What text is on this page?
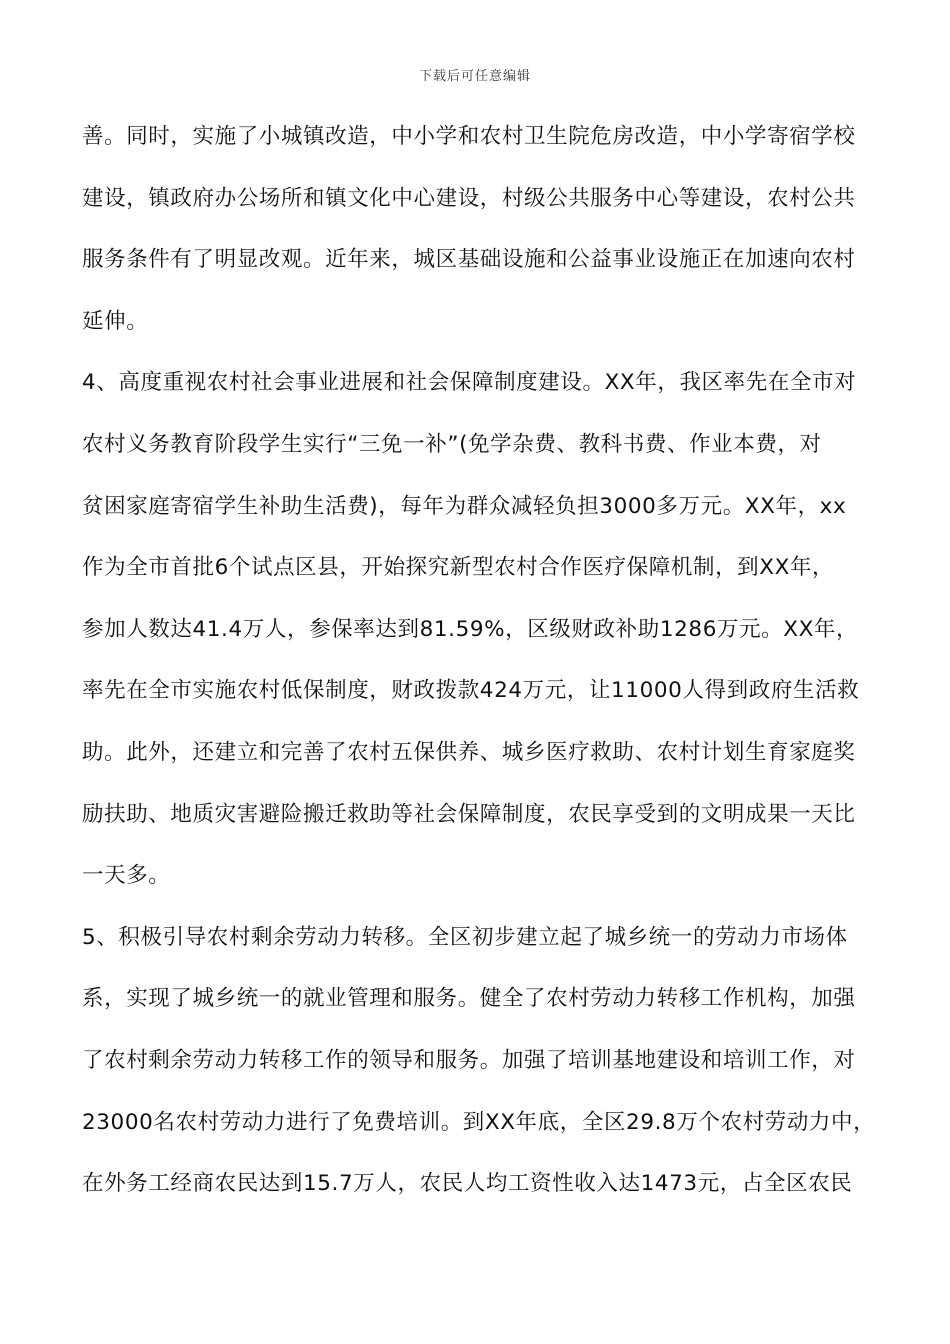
下载后可任意编辑
善。同时，实施了小城镇改造，中小学和农村卫生院危房改造，中小学寄宿学校
建设，镇政府办公场所和镇文化中心建设，村级公共服务中心等建设，农村公共
服务条件有了明显改观。近年来，城区基础设施和公益事业设施正在加速向农村
延伸。
4、高度重视农村社会事业进展和社会保障制度建设。XX年，我区率先在全市对
农村义务教育阶段学生实行“三免一补”(免学杂费、教科书费、作业本费，对
贫困家庭寄宿学生补助生活费)，每年为群众减轻负担3000多万元。XX年，xx
作为全市首批6个试点区县，开始探究新型农村合作医疗保障机制，到XX年，
参加人数达41.4万人，参保率达到81.59%，区级财政补助1286万元。XX年，
率先在全市实施农村低保制度，财政拨款424万元，让11000人得到政府生活救
助。此外，还建立和完善了农村五保供养、城乡医疗救助、农村计划生育家庭奖
励扶助、地质灾害避险搬迁救助等社会保障制度，农民享受到的文明成果一天比
一天多。
5、积极引导农村剩余劳动力转移。全区初步建立起了城乡统一的劳动力市场体
系，实现了城乡统一的就业管理和服务。健全了农村劳动力转移工作机构，加强
了农村剩余劳动力转移工作的领导和服务。加强了培训基地建设和培训工作，对
23000名农村劳动力进行了免费培训。到XX年底，全区29.8万个农村劳动力中，
在外务工经商农民达到15.7万人，农民人均工资性收入达1473元，占全区农民
